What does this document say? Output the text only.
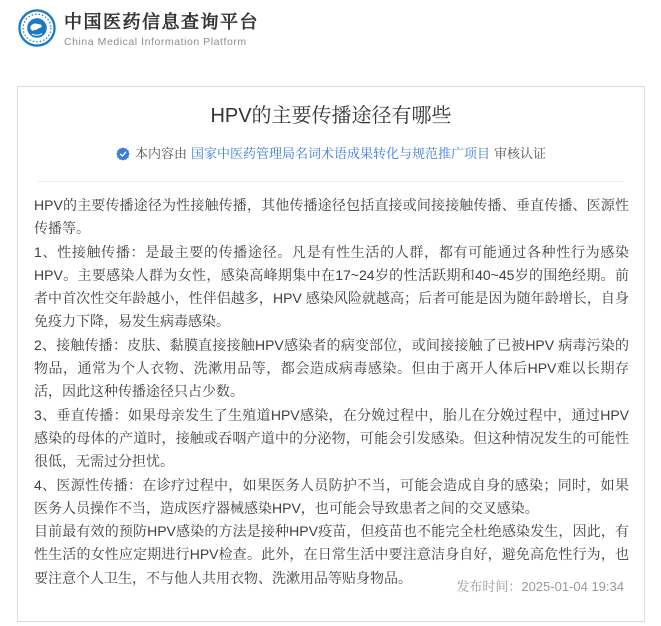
中国医药信息查询平台
China Medical Information Platform
HPV的主要传播途径有哪些
本内容由 国家中医药管理局名词术语成果转化与规范推广项目 审核认证

HPV的主要传播途径为性接触传播，其他传播途径包括直接或间接接触传播、垂直传播、医源性传播等。

1、性接触传播：是最主要的传播途径。凡是有性生活的人群，都有可能通过各种性行为感染 HPV。主要感染人群为女性，感染高峰期集中在17~24岁的性活跃期和40~45岁的围绝经期。前者中首次性交年龄越小，性伴侣越多，HPV 感染风险就越高；后者可能是因为随年龄增长，自身免疫力下降，易发生病毒感染。

2、接触传播：皮肤、黏膜直接接触HPV感染者的病变部位，或间接接触了已被HPV 病毒污染的物品，通常为个人衣物、洗漱用品等，都会造成病毒感染。但由于离开人体后HPV难以长期存活，因此这种传播途径只占少数。

3、垂直传播：如果母亲发生了生殖道HPV感染，在分娩过程中，胎儿在分娩过程中，通过HPV感染的母体的产道时，接触或吞咽产道中的分泌物，可能会引发感染。但这种情况发生的可能性很低，无需过分担忧。

4、医源性传播：在诊疗过程中，如果医务人员防护不当，可能会造成自身的感染；同时，如果医务人员操作不当，造成医疗器械感染HPV，也可能会导致患者之间的交叉感染。

目前最有效的预防HPV感染的方法是接种HPV疫苗，但疫苗也不能完全杜绝感染发生，因此，有性生活的女性应定期进行HPV检查。此外，在日常生活中要注意洁身自好，避免高危性行为，也要注意个人卫生，不与他人共用衣物、洗漱用品等贴身物品。

发布时间：2025-01-04 19:34
